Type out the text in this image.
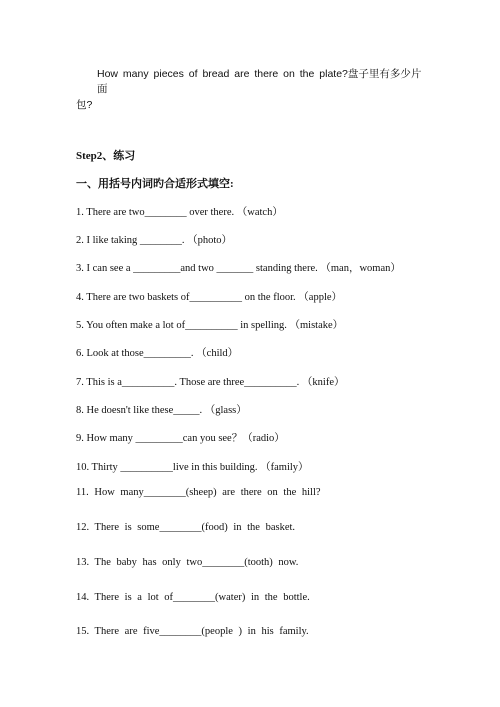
How many pieces of bread are there on the plate?盘子里有多少片面
包?
Step2、练习
一、用括号内词旳合适形式填空:
1. There are two________ over there. （watch）
2. I like taking ________. （photo）
3. I can see a _________and two _______ standing there. （man，woman）
4. There are two baskets of__________ on the floor. （apple）
5. You often make a lot of__________ in spelling. （mistake）
6. Look at those_________. （child）
7. This is a__________. Those are three__________. （knife）
8. He doesn't like these_____. （glass）
9. How many _________can you see？（radio）
10. Thirty __________live in this building. （family）
11. How many________(sheep) are there on the hill?
12. There is some________(food) in the basket.
13. The baby has only two________(tooth) now.
14. There is a lot of________(water) in the bottle.
15. There are five________(people ) in his family.
